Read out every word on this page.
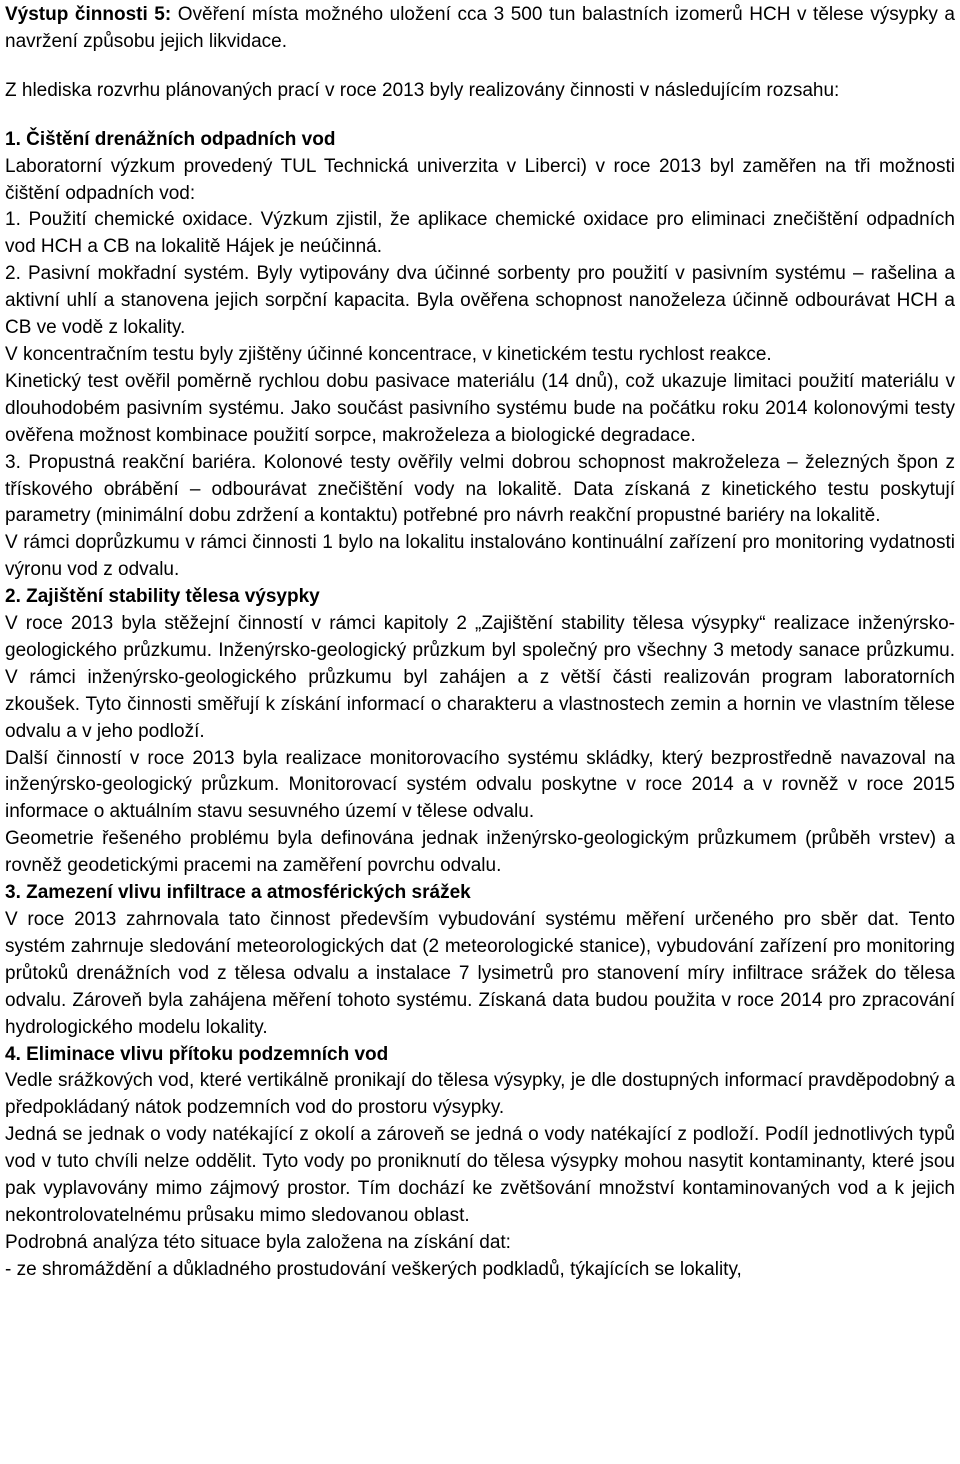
Výstup činnosti 5: Ověření místa možného uložení cca 3 500 tun balastních izomerů HCH v tělese výsypky a navržení způsobu jejich likvidace.

Z hlediska rozvrhu plánovaných prací v roce 2013 byly realizovány činnosti v následujícím rozsahu:

1. Čištění drenážních odpadních vod

Laboratorní výzkum provedený TUL Technická univerzita v Liberci) v roce 2013 byl zaměřen na tři možnosti čištění odpadních vod:

1. Použití chemické oxidace. Výzkum zjistil, že aplikace chemické oxidace pro eliminaci znečištění odpadních vod HCH a CB na lokalitě Hájek je neúčinná.

2. Pasivní mokřadní systém. Byly vytipovány dva účinné sorbenty pro použití v pasivním systému – rašelina a aktivní uhlí a stanovena jejich sorpční kapacita. Byla ověřena schopnost nanoželeza účinně odbourávat HCH a CB ve vodě z lokality.

V koncentračním testu byly zjištěny účinné koncentrace, v kinetickém testu rychlost reakce.

Kinetický test ověřil poměrně rychlou dobu pasivace materiálu (14 dnů), což ukazuje limitaci použití materiálu v dlouhodobém pasivním systému. Jako součást pasivního systému bude na počátku roku 2014 kolonovými testy ověřena možnost kombinace použití sorpce, makroželeza a biologické degradace.

3. Propustná reakční bariéra. Kolonové testy ověřily velmi dobrou schopnost makroželeza – železných špon z třískového obrábění – odbourávat znečištění vody na lokalitě. Data získaná z kinetického testu poskytují parametry (minimální dobu zdržení a kontaktu) potřebné pro návrh reakční propustné bariéry na lokalitě.

V rámci doprůzkumu v rámci činnosti 1 bylo na lokalitu instalováno kontinuální zařízení pro monitoring vydatnosti výronu vod z odvalu.

2. Zajištění stability tělesa výsypky

V roce 2013 byla stěžejní činností v rámci kapitoly 2 „Zajištění stability tělesa výsypky“ realizace inženýrsko-geologického průzkumu. Inženýrsko-geologický průzkum byl společný pro všechny 3 metody sanace průzkumu. V rámci inženýrsko-geologického průzkumu byl zahájen a z větší části realizován program laboratorních zkoušek. Tyto činnosti směřují k získání informací o charakteru a vlastnostech zemin a hornin ve vlastním tělese odvalu a v jeho podloží.

Další činností v roce 2013 byla realizace monitorovacího systému skládky, který bezprostředně navazoval na inženýrsko-geologický průzkum. Monitorovací systém odvalu poskytne v roce 2014 a v rovněž v roce 2015 informace o aktuálním stavu sesuvného území v tělese odvalu.

Geometrie řešeného problému byla definována jednak inženýrsko-geologickým průzkumem (průběh vrstev) a rovněž geodetickými pracemi na zaměření povrchu odvalu.

3. Zamezení vlivu infiltrace a atmosférických srážek

V roce 2013 zahrnovala tato činnost především vybudování systému měření určeného pro sběr dat. Tento systém zahrnuje sledování meteorologických dat (2 meteorologické stanice), vybudování zařízení pro monitoring průtoků drenážních vod z tělesa odvalu a instalace 7 lysimetrů pro stanovení míry infiltrace srážek do tělesa odvalu. Zároveň byla zahájena měření tohoto systému. Získaná data budou použita v roce 2014 pro zpracování hydrologického modelu lokality.

4. Eliminace vlivu přítoku podzemních vod

Vedle srážkových vod, které vertikálně pronikají do tělesa výsypky, je dle dostupných informací pravděpodobný a předpokládaný nátok podzemních vod do prostoru výsypky.

Jedná se jednak o vody natékající z okolí a zároveň se jedná o vody natékající z podloží. Podíl jednotlivých typů vod v tuto chvíli nelze oddělit. Tyto vody po proniknutí do tělesa výsypky mohou nasytit kontaminanty, které jsou pak vyplavovány mimo zájmový prostor. Tím dochází ke zvětšování množství kontaminovaných vod a k jejich nekontrolovatelnému průsaku mimo sledovanou oblast.

Podrobná analýza této situace byla založena na získání dat:

- ze shromáždění a důkladného prostudování veškerých podkladů, týkajících se lokality,
